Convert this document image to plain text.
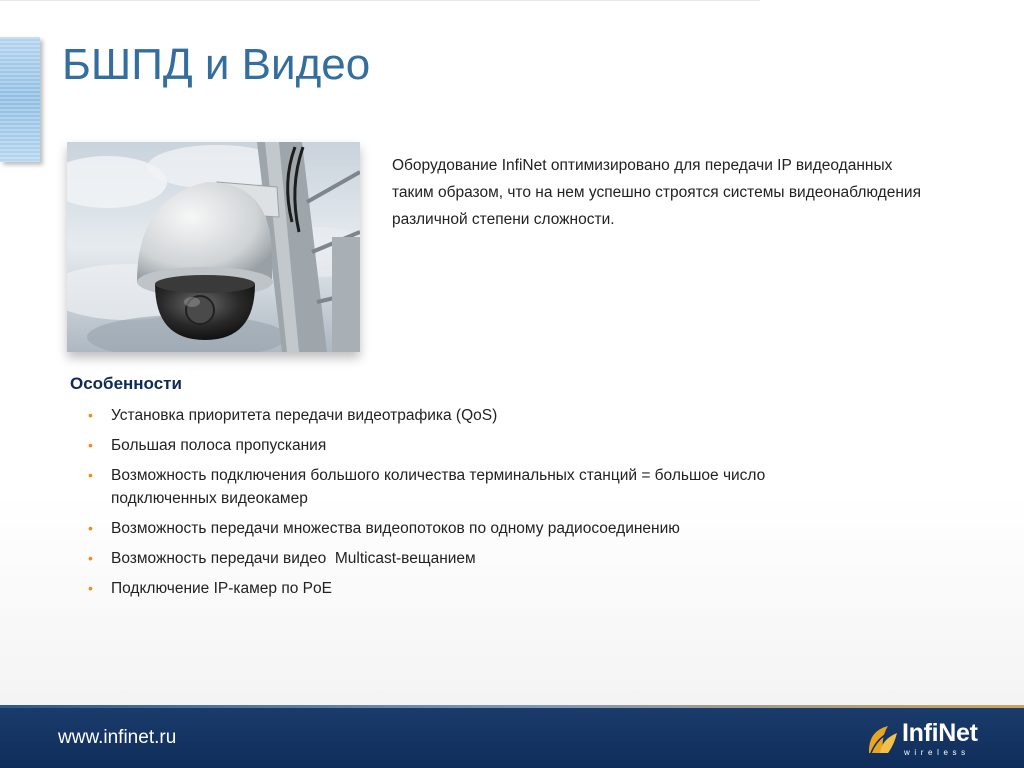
БШПД и Видео

Оборудование InfiNet оптимизировано для передачи IP видеоданных таким образом, что на нем успешно строятся системы видеонаблюдения различной степени сложности.

Особенности
• Установка приоритета передачи видеотрафика (QoS)
• Большая полоса пропускания
• Возможность подключения большого количества терминальных станций = большое число подключенных видеокамер
• Возможность передачи множества видеопотоков по одному радиосоединению
• Возможность передачи видео  Multicast-вещанием
• Подключение IP-камер по PoE
www.infinet.ru	InfiNet
wireless
